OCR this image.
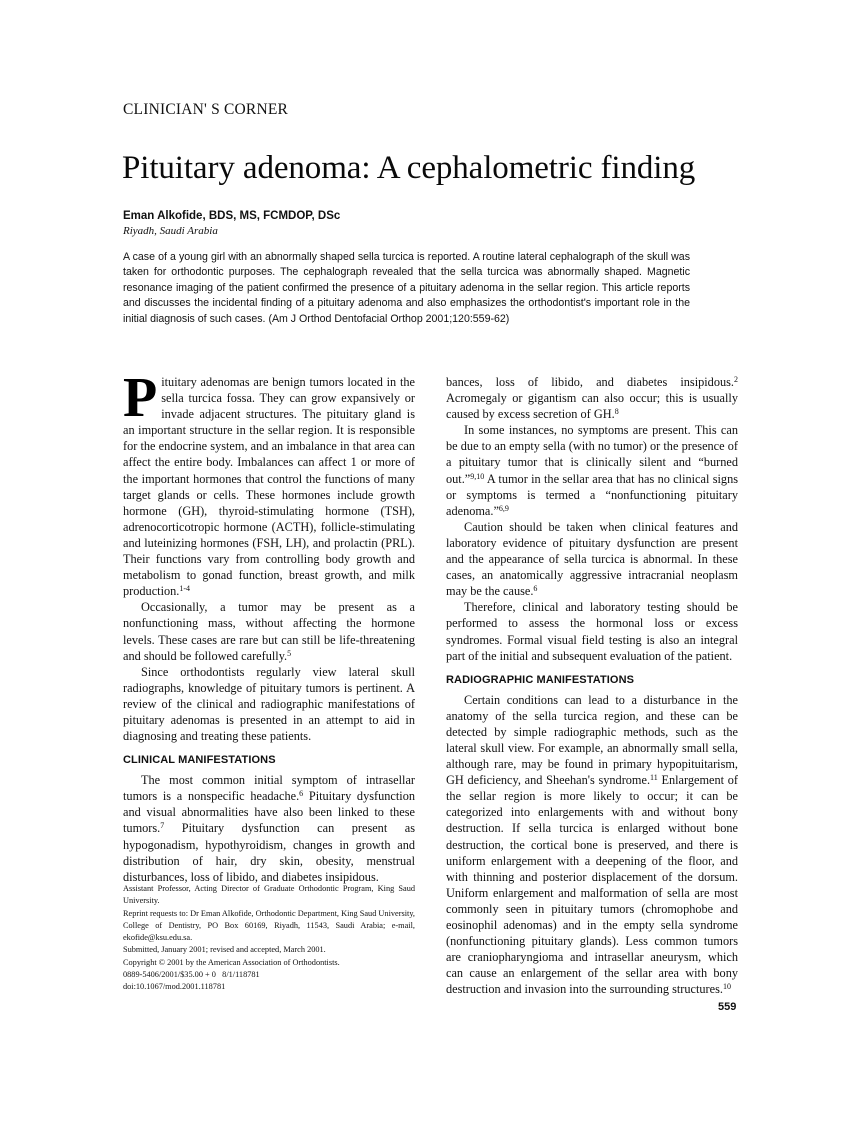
CLINICIAN' S CORNER

Pituitary adenoma: A cephalometric finding

Eman Alkofide, BDS, MS, FCMDOP, DSc

Riyadh, Saudi Arabia

A case of a young girl with an abnormally shaped sella turcica is reported. A routine lateral cephalograph of the skull was taken for orthodontic purposes. The cephalograph revealed that the sella turcica was abnormally shaped. Magnetic resonance imaging of the patient confirmed the presence of a pituitary adenoma in the sellar region. This article reports and discusses the incidental finding of a pituitary adenoma and also emphasizes the orthodontist's important role in the initial diagnosis of such cases. (Am J Orthod Dentofacial Orthop 2001;120:559-62)

Pituitary adenomas are benign tumors located in the sella turcica fossa. They can grow expansively or invade adjacent structures. The pituitary gland is an important structure in the sellar region. It is responsible for the endocrine system, and an imbalance in that area can affect the entire body. Imbalances can affect 1 or more of the important hormones that control the functions of many target glands or cells. These hormones include growth hormone (GH), thyroid-stimulating hormone (TSH), adrenocorticotropic hormone (ACTH), follicle-stimulating and luteinizing hormones (FSH, LH), and prolactin (PRL). Their functions vary from controlling body growth and metabolism to gonad function, breast growth, and milk production.$^{1-4}$

Occasionally, a tumor may be present as a nonfunctioning mass, without affecting the hormone levels. These cases are rare but can still be life-threatening and should be followed carefully.$^5$

Since orthodontists regularly view lateral skull radiographs, knowledge of pituitary tumors is pertinent. A review of the clinical and radiographic manifestations of pituitary adenomas is presented in an attempt to aid in diagnosing and treating these patients.

CLINICAL MANIFESTATIONS

The most common initial symptom of intrasellar tumors is a nonspecific headache.$^6$ Pituitary dysfunction and visual abnormalities have also been linked to these tumors.$^7$ Pituitary dysfunction can present as hypogonadism, hypothyroidism, changes in growth and distribution of hair, dry skin, obesity, menstrual disturbances, loss of libido, and diabetes insipidous.

bances, loss of libido, and diabetes insipidous.$^2$ Acromegaly or gigantism can also occur; this is usually caused by excess secretion of GH.$^8$

In some instances, no symptoms are present. This can be due to an empty sella (with no tumor) or the presence of a pituitary tumor that is clinically silent and “burned out.”$^{9,10}$ A tumor in the sellar area that has no clinical signs or symptoms is termed a “nonfunctioning pituitary adenoma.”$^{6,9}$

Caution should be taken when clinical features and laboratory evidence of pituitary dysfunction are present and the appearance of sella turcica is abnormal. In these cases, an anatomically aggressive intracranial neoplasm may be the cause.$^6$

Therefore, clinical and laboratory testing should be performed to assess the hormonal loss or excess syndromes. Formal visual field testing is also an integral part of the initial and subsequent evaluation of the patient.

RADIOGRAPHIC MANIFESTATIONS

Certain conditions can lead to a disturbance in the anatomy of the sella turcica region, and these can be detected by simple radiographic methods, such as the lateral skull view. For example, an abnormally small sella, although rare, may be found in primary hypopituitarism, GH deficiency, and Sheehan's syndrome.$^{11}$ Enlargement of the sellar region is more likely to occur; it can be categorized into enlargements with and without bony destruction. If sella turcica is enlarged without bone destruction, the cortical bone is preserved, and there is uniform enlargement with a deepening of the floor, and with thinning and posterior displacement of the dorsum. Uniform enlargement and malformation of sella are most commonly seen in pituitary tumors (chromophobe and eosinophil adenomas) and in the empty sella syndrome (nonfunctioning pituitary glands). Less common tumors are craniopharyngioma and intrasellar aneurysm, which can cause an enlargement of the sellar area with bony destruction and invasion into the surrounding structures.$^{10}$

Assistant Professor, Acting Director of Graduate Orthodontic Program, King Saud University.

Reprint requests to: Dr Eman Alkofide, Orthodontic Department, King Saud University, College of Dentistry, PO Box 60169, Riyadh, 11543, Saudi Arabia; e-mail, ekofide@ksu.edu.sa.

Submitted, January 2001; revised and accepted, March 2001.

Copyright © 2001 by the American Association of Orthodontists.

0889-5406/2001/$35.00 + 0   8/1/118781

doi:10.1067/mod.2001.118781

559
